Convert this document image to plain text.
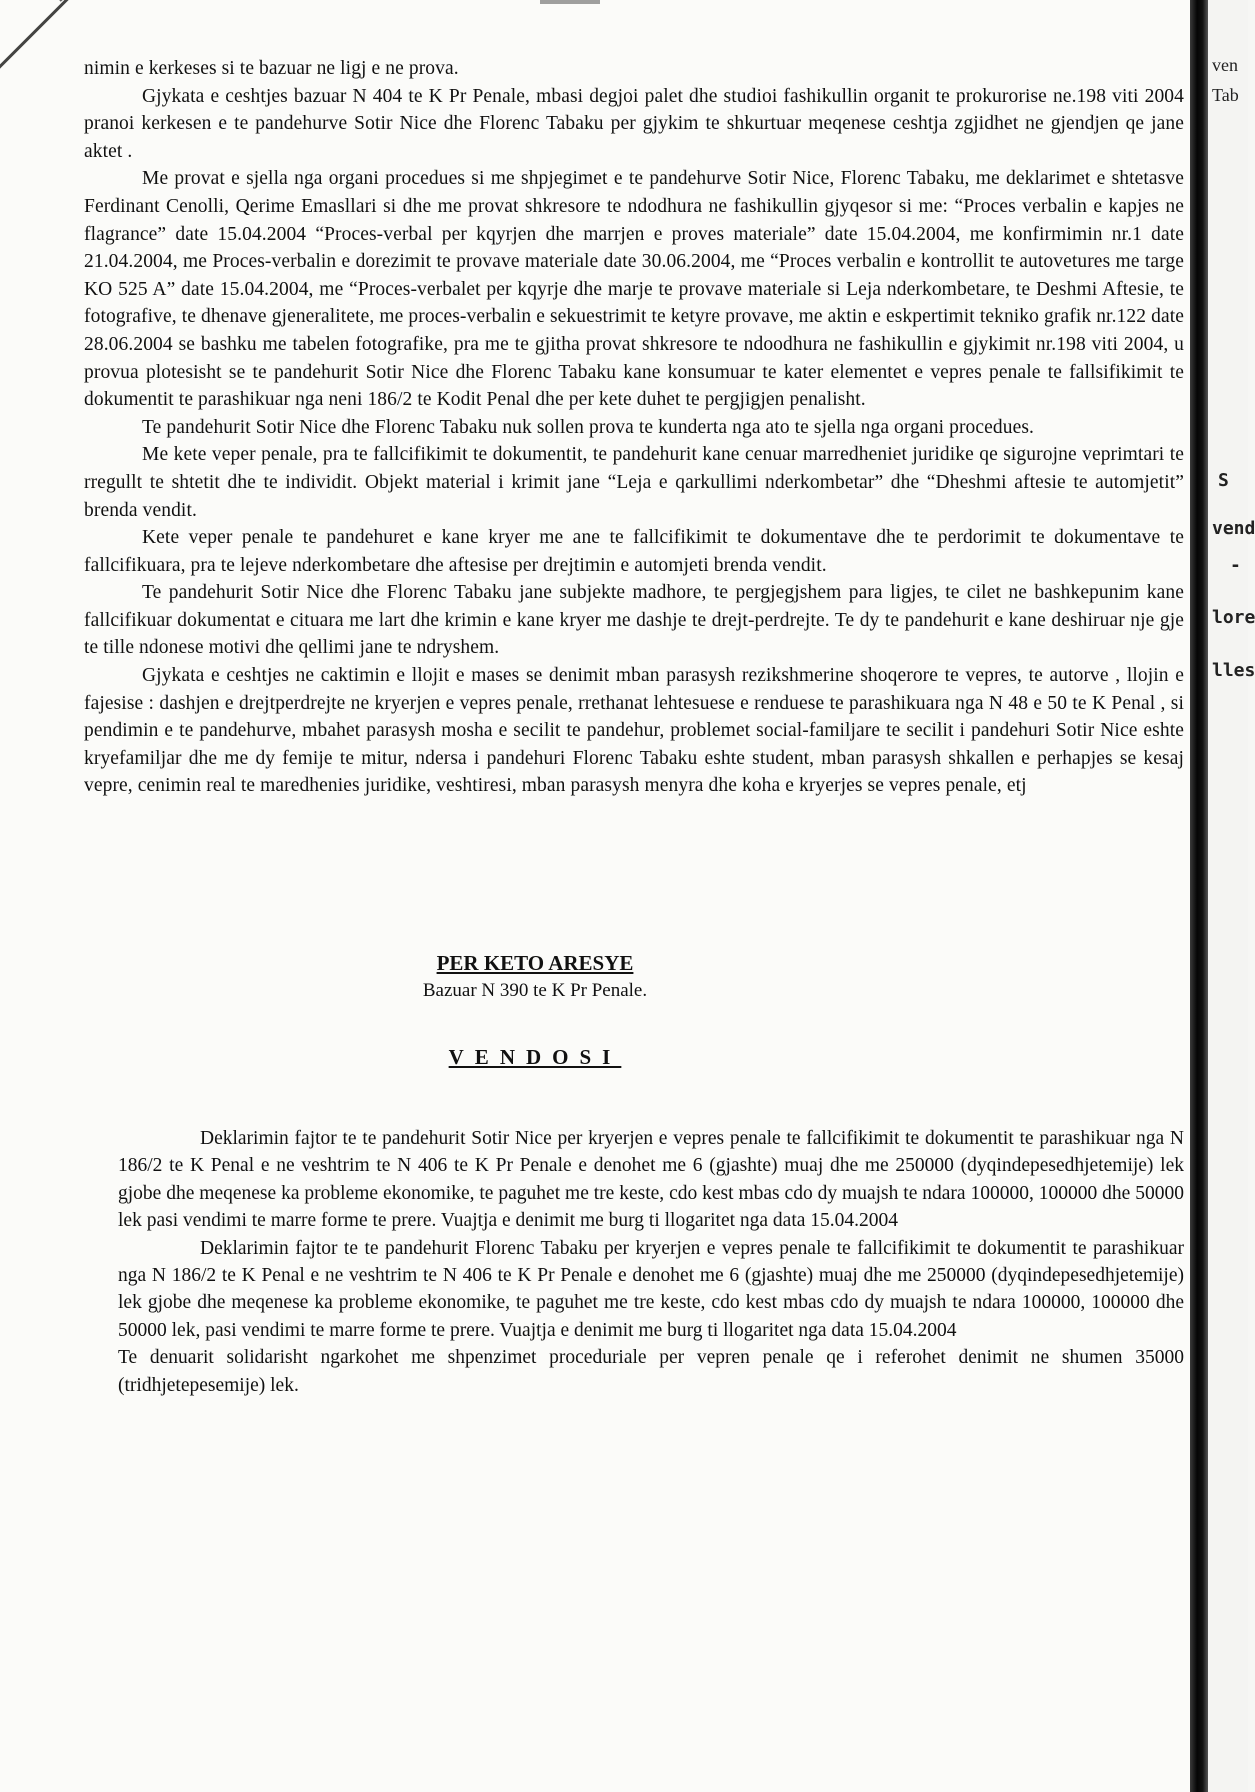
nimin e kerkeses si te bazuar ne ligj e ne prova.

Gjykata e ceshtjes bazuar N 404 te K Pr Penale, mbasi degjoi palet dhe studioi fashikullin organit te prokurorise ne.198 viti 2004 pranoi kerkesen e te pandehurve Sotir Nice dhe Florenc Tabaku per gjykim te shkurtuar meqenese ceshtja zgjidhet ne gjendjen qe jane aktet .

Me provat e sjella nga organi procedues si me shpjegimet e te pandehurve Sotir Nice, Florenc Tabaku, me deklarimet e shtetasve Ferdinant Cenolli, Qerime Emasllari si dhe me provat shkresore te ndodhura ne fashikullin gjyqesor si me: “Proces verbalin e kapjes ne flagrance” date 15.04.2004 “Proces-verbal per kqyrjen dhe marrjen e proves materiale” date 15.04.2004, me konfirmimin nr.1 date 21.04.2004, me Proces-verbalin e dorezimit te provave materiale date 30.06.2004, me “Proces verbalin e kontrollit te autovetures me targe KO 525 A” date 15.04.2004, me “Proces-verbalet per kqyrje dhe marje te provave materiale si Leja nderkombetare, te Deshmi Aftesie, te fotografive, te dhenave gjeneralitete, me proces-verbalin e sekuestrimit te ketyre provave, me aktin e eskpertimit tekniko grafik nr.122 date 28.06.2004 se bashku me tabelen fotografike, pra me te gjitha provat shkresore te ndoodhura ne fashikullin e gjykimit nr.198 viti 2004, u provua plotesisht se te pandehurit Sotir Nice dhe Florenc Tabaku kane konsumuar te kater elementet e vepres penale te fallsifikimit te dokumentit te parashikuar nga neni 186/2 te Kodit Penal dhe per kete duhet te pergjigjen penalisht.

Te pandehurit Sotir Nice dhe Florenc Tabaku nuk sollen prova te kunderta nga ato te sjella nga organi procedues.

Me kete veper penale, pra te fallcifikimit te dokumentit, te pandehurit kane cenuar marredheniet juridike qe sigurojne veprimtari te rregullt te shtetit dhe te individit. Objekt material i krimit jane “Leja e qarkullimi nderkombetar” dhe “Dheshmi aftesie te automjetit” brenda vendit.

Kete veper penale te pandehuret e kane kryer me ane te fallcifikimit te dokumentave dhe te perdorimit te dokumentave te fallcifikuara, pra te lejeve nderkombetare dhe aftesise per drejtimin e automjeti brenda vendit.

Te pandehurit Sotir Nice dhe Florenc Tabaku jane subjekte madhore, te pergjegjshem para ligjes, te cilet ne bashkepunim kane fallcifikuar dokumentat e cituara me lart dhe krimin e kane kryer me dashje te drejt-perdrejte. Te dy te pandehurit e kane deshiruar nje gje te tille ndonese motivi dhe qellimi jane te ndryshem.

Gjykata e ceshtjes ne caktimin e llojit e mases se denimit mban parasysh rezikshmerine shoqerore te vepres, te autorve , llojin e fajesise : dashjen e drejtperdrejte ne kryerjen e vepres penale, rrethanat lehtesuese e renduese te parashikuara nga N 48 e 50 te K Penal , si pendimin e te pandehurve, mbahet parasysh mosha e secilit te pandehur, problemet social-familjare te secilit i pandehuri Sotir Nice eshte kryefamiljar dhe me dy femije te mitur, ndersa i pandehuri Florenc Tabaku eshte student, mban parasysh shkallen e perhapjes se kesaj vepre, cenimin real te maredhenies juridike, veshtiresi, mban parasysh menyra dhe koha e kryerjes se vepres penale, etj

PER KETO ARESYE
Bazuar N 390 te K Pr Penale.
VENDOSI

Deklarimin fajtor te te pandehurit Sotir Nice per kryerjen e vepres penale te fallcifikimit te dokumentit te parashikuar nga N 186/2 te K Penal e ne veshtrim te N 406 te K Pr Penale e denohet me 6 (gjashte) muaj dhe me 250000 (dyqindepesedhjetemije) lek gjobe dhe meqenese ka probleme ekonomike, te paguhet me tre keste, cdo kest mbas cdo dy muajsh te ndara 100000, 100000 dhe 50000 lek pasi vendimi te marre forme te prere. Vuajtja e denimit me burg ti llogaritet nga data 15.04.2004

Deklarimin fajtor te te pandehurit Florenc Tabaku per kryerjen e vepres penale te fallcifikimit te dokumentit te parashikuar nga N 186/2 te K Penal e ne veshtrim te N 406 te K Pr Penale e denohet me 6 (gjashte) muaj dhe me 250000 (dyqindepesedhjetemije) lek gjobe dhe meqenese ka probleme ekonomike, te paguhet me tre keste, cdo kest mbas cdo dy muajsh te ndara 100000, 100000 dhe 50000 lek, pasi vendimi te marre forme te prere. Vuajtja e denimit me burg ti llogaritet nga data 15.04.2004

Te denuarit solidarisht ngarkohet me shpenzimet proceduriale per vepren penale qe i referohet denimit ne shumen 35000 (tridhjetepesemije) lek.

ven
Tab
S
vend
-
lore
lles
